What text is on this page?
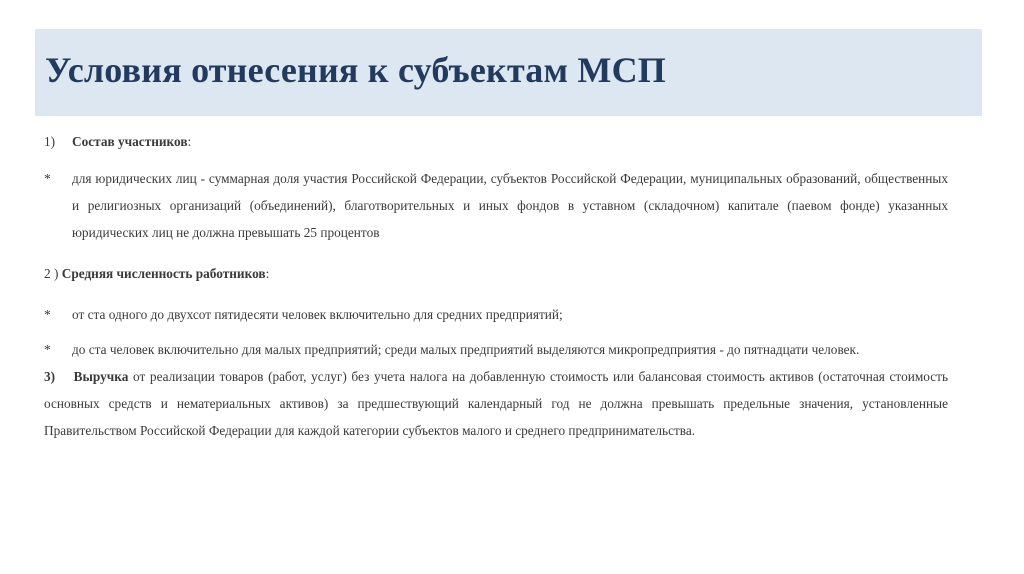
Условия отнесения к субъектам МСП
1)	Состав участников:
*	для юридических лиц - суммарная доля участия Российской Федерации, субъектов Российской Федерации, муниципальных образований, общественных и религиозных организаций (объединений), благотворительных и иных фондов в уставном (складочном) капитале (паевом фонде) указанных юридических лиц не должна превышать 25 процентов
2 ) Средняя численность работников:
*	от ста одного до двухсот пятидесяти человек включительно для средних предприятий;
*	до ста человек включительно для малых предприятий; среди малых предприятий выделяются микропредприятия - до пятнадцати человек.
3) Выручка от реализации товаров (работ, услуг) без учета налога на добавленную стоимость или балансовая стоимость активов (остаточная стоимость основных средств и нематериальных активов) за предшествующий календарный год не должна превышать предельные значения, установленные Правительством Российской Федерации для каждой категории субъектов малого и среднего предпринимательства.
